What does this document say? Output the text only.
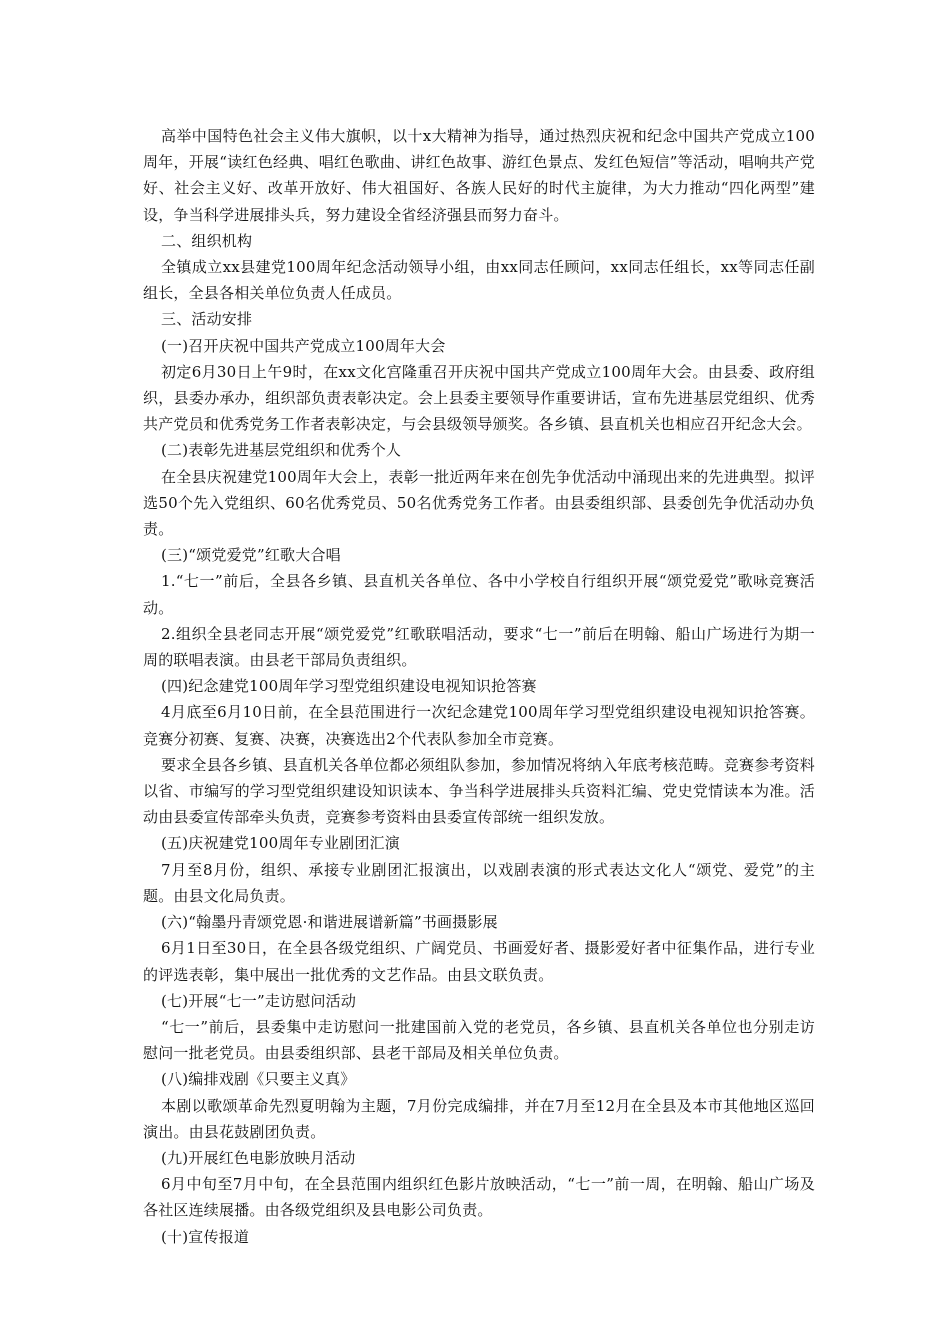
高举中国特色社会主义伟大旗帜，以十x大精神为指导，通过热烈庆祝和纪念中国共产党成立100周年，开展“读红色经典、唱红色歌曲、讲红色故事、游红色景点、发红色短信”等活动，唱响共产党好、社会主义好、改革开放好、伟大祖国好、各族人民好的时代主旋律，为大力推动“四化两型”建设，争当科学进展排头兵，努力建设全省经济强县而努力奋斗。

二、组织机构

全镇成立xx县建党100周年纪念活动领导小组，由xx同志任顾问，xx同志任组长，xx等同志任副组长，全县各相关单位负责人任成员。

三、活动安排

(一)召开庆祝中国共产党成立100周年大会

初定6月30日上午9时，在xx文化宫隆重召开庆祝中国共产党成立100周年大会。由县委、政府组织，县委办承办，组织部负责表彰决定。会上县委主要领导作重要讲话，宣布先进基层党组织、优秀共产党员和优秀党务工作者表彰决定，与会县级领导颁奖。各乡镇、县直机关也相应召开纪念大会。

(二)表彰先进基层党组织和优秀个人

在全县庆祝建党100周年大会上，表彰一批近两年来在创先争优活动中涌现出来的先进典型。拟评选50个先入党组织、60名优秀党员、50名优秀党务工作者。由县委组织部、县委创先争优活动办负责。

(三)“颂党爱党”红歌大合唱

1.“七一”前后，全县各乡镇、县直机关各单位、各中小学校自行组织开展“颂党爱党”歌咏竞赛活动。

2.组织全县老同志开展“颂党爱党”红歌联唱活动，要求“七一”前后在明翰、船山广场进行为期一周的联唱表演。由县老干部局负责组织。

(四)纪念建党100周年学习型党组织建设电视知识抢答赛

4月底至6月10日前，在全县范围进行一次纪念建党100周年学习型党组织建设电视知识抢答赛。竞赛分初赛、复赛、决赛，决赛选出2个代表队参加全市竞赛。

要求全县各乡镇、县直机关各单位都必须组队参加，参加情况将纳入年底考核范畴。竞赛参考资料以省、市编写的学习型党组织建设知识读本、争当科学进展排头兵资料汇编、党史党情读本为准。活动由县委宣传部牵头负责，竞赛参考资料由县委宣传部统一组织发放。

(五)庆祝建党100周年专业剧团汇演

7月至8月份，组织、承接专业剧团汇报演出，以戏剧表演的形式表达文化人“颂党、爱党”的主题。由县文化局负责。

(六)“翰墨丹青颂党恩·和谐进展谱新篇”书画摄影展

6月1日至30日，在全县各级党组织、广阔党员、书画爱好者、摄影爱好者中征集作品，进行专业的评选表彰，集中展出一批优秀的文艺作品。由县文联负责。

(七)开展“七一”走访慰问活动

“七一”前后，县委集中走访慰问一批建国前入党的老党员，各乡镇、县直机关各单位也分别走访慰问一批老党员。由县委组织部、县老干部局及相关单位负责。

(八)编排戏剧《只要主义真》

本剧以歌颂革命先烈夏明翰为主题，7月份完成编排，并在7月至12月在全县及本市其他地区巡回演出。由县花鼓剧团负责。

(九)开展红色电影放映月活动

6月中旬至7月中旬，在全县范围内组织红色影片放映活动，“七一”前一周，在明翰、船山广场及各社区连续展播。由各级党组织及县电影公司负责。

(十)宣传报道
